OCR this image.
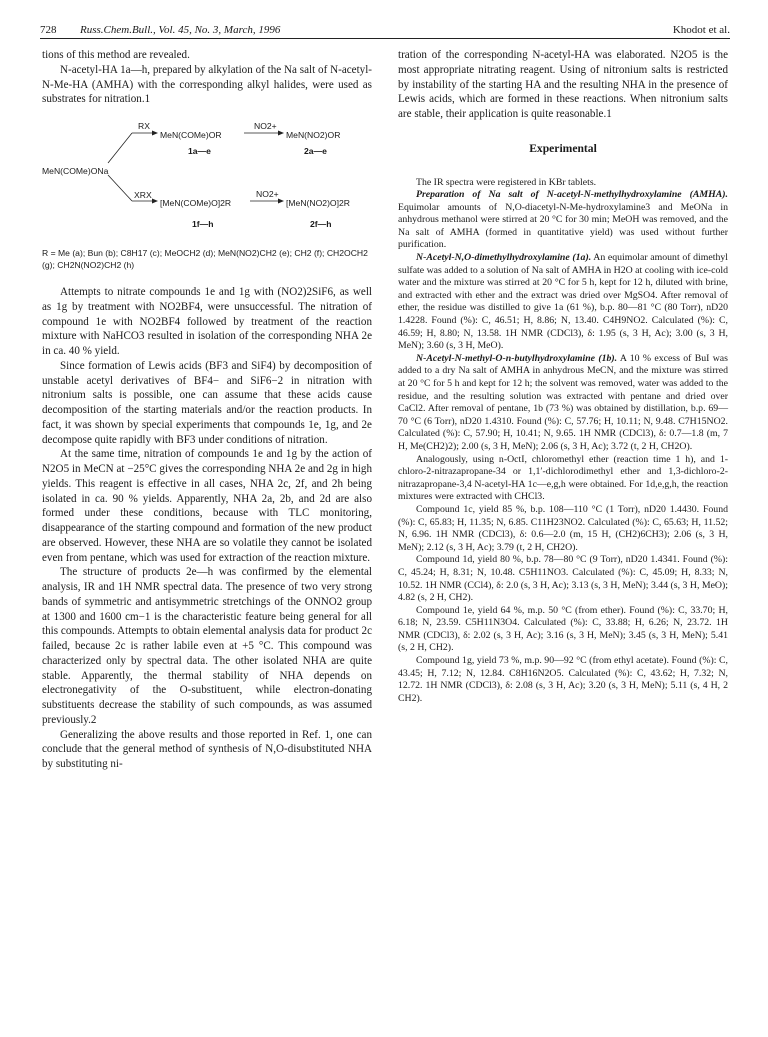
728	Russ.Chem.Bull., Vol. 45, No. 3, March, 1996	Khodot et al.

tions of this method are revealed.

N-acetyl-HA 1a—h, prepared by alkylation of the Na salt of N-acetyl-N-Me-HA (AMHA) with the corresponding alkyl halides, were used as substrates for nitration.1

RX
MeN(COMe)OR
NO2+
MeN(NO2)OR
1a—e	2a—e
MeN(COMe)ONa
XRX
[MeN(COMe)O]2R
NO2+
[MeN(NO2)O]2R
1f—h	2f—h
R = Me (a); Bun (b); C8H17 (c); MeOCH2 (d); MeN(NO2)CH2 (e); CH2 (f); CH2OCH2 (g); CH2N(NO2)CH2 (h)

Attempts to nitrate compounds 1e and 1g with (NO2)2SiF6, as well as 1g by treatment with NO2BF4, were unsuccessful. The nitration of compound 1e with NO2BF4 followed by treatment of the reaction mixture with NaHCO3 resulted in isolation of the corresponding NHA 2e in ca. 40 % yield.

Since formation of Lewis acids (BF3 and SiF4) by decomposition of unstable acetyl derivatives of BF4− and SiF6−2 in nitration with nitronium salts is possible, one can assume that these acids cause decomposition of the starting materials and/or the reaction products. In fact, it was shown by special experiments that compounds 1e, 1g, and 2e decompose quite rapidly with BF3 under conditions of nitration.

At the same time, nitration of compounds 1e and 1g by the action of N2O5 in MeCN at −25°C gives the corresponding NHA 2e and 2g in high yields. This reagent is effective in all cases, NHA 2c, 2f, and 2h being isolated in ca. 90 % yields. Apparently, NHA 2a, 2b, and 2d are also formed under these conditions, because with TLC monitoring, disappearance of the starting compound and formation of the new product are observed. However, these NHA are so volatile they cannot be isolated even from pentane, which was used for extraction of the reaction mixture.

The structure of products 2e—h was confirmed by the elemental analysis, IR and 1H NMR spectral data. The presence of two very strong bands of symmetric and antisymmetric stretchings of the ONNO2 group at 1300 and 1600 cm−1 is the characteristic feature being general for all this compounds. Attempts to obtain elemental analysis data for product 2c failed, because 2c is rather labile even at +5 °C. This compound was characterized only by spectral data. The other isolated NHA are quite stable. Apparently, the thermal stability of NHA depends on electronegativity of the O-substituent, while electron-donating substituents decrease the stability of such compounds, as was assumed previously.2

Generalizing the above results and those reported in Ref. 1, one can conclude that the general method of synthesis of N,O-disubstituted NHA by substituting ni-

tration of the corresponding N-acetyl-HA was elaborated. N2O5 is the most appropriate nitrating reagent. Using of nitronium salts is restricted by instability of the starting HA and the resulting NHA in the presence of Lewis acids, which are formed in these reactions. When nitronium salts are stable, their application is quite reasonable.1

Experimental

The IR spectra were registered in KBr tablets.

Preparation of Na salt of N-acetyl-N-methylhydroxylamine (AMHA). Equimolar amounts of N,O-diacetyl-N-Me-hydroxylamine3 and MeONa in anhydrous methanol were stirred at 20 °C for 30 min; MeOH was removed, and the Na salt of AMHA (formed in quantitative yield) was used without further purification.

N-Acetyl-N,O-dimethylhydroxylamine (1a). An equimolar amount of dimethyl sulfate was added to a solution of Na salt of AMHA in H2O at cooling with ice-cold water and the mixture was stirred at 20 °C for 5 h, kept for 12 h, diluted with brine, and extracted with ether and the extract was dried over MgSO4. After removal of ether, the residue was distilled to give 1a (61 %), b.p. 80—81 °C (80 Torr), nD20 1.4228. Found (%): C, 46.51; H, 8.86; N, 13.40. C4H9NO2. Calculated (%): C, 46.59; H, 8.80; N, 13.58. 1H NMR (CDCl3), δ: 1.95 (s, 3 H, Ac); 3.00 (s, 3 H, MeN); 3.60 (s, 3 H, MeO).

N-Acetyl-N-methyl-O-n-butylhydroxylamine (1b). A 10 % excess of BuI was added to a dry Na salt of AMHA in anhydrous MeCN, and the mixture was stirred at 20 °C for 5 h and kept for 12 h; the solvent was removed, water was added to the residue, and the resulting solution was extracted with pentane and dried over CaCl2. After removal of pentane, 1b (73 %) was obtained by distillation, b.p. 69—70 °C (6 Torr), nD20 1.4310. Found (%): C, 57.76; H, 10.11; N, 9.48. C7H15NO2. Calculated (%): C, 57.90; H, 10.41; N, 9.65. 1H NMR (CDCl3), δ: 0.7—1.8 (m, 7 H, Me(CH2)2); 2.00 (s, 3 H, MeN); 2.06 (s, 3 H, Ac); 3.72 (t, 2 H, CH2O).

Analogously, using n-OctI, chloromethyl ether (reaction time 1 h), and 1-chloro-2-nitrazapropane-34 or 1,1′-dichlorodimethyl ether and 1,3-dichloro-2-nitrazapropane-3,4 N-acetyl-HA 1c—e,g,h were obtained. For 1d,e,g,h, the reaction mixtures were extracted with CHCl3.

Compound 1c, yield 85 %, b.p. 108—110 °C (1 Torr), nD20 1.4430. Found (%): C, 65.83; H, 11.35; N, 6.85. C11H23NO2. Calculated (%): C, 65.63; H, 11.52; N, 6.96. 1H NMR (CDCl3), δ: 0.6—2.0 (m, 15 H, (CH2)6CH3); 2.06 (s, 3 H, MeN); 2.12 (s, 3 H, Ac); 3.79 (t, 2 H, CH2O).

Compound 1d, yield 80 %, b.p. 78—80 °C (9 Torr), nD20 1.4341. Found (%): C, 45.24; H, 8.31; N, 10.48. C5H11NO3. Calculated (%): C, 45.09; H, 8.33; N, 10.52. 1H NMR (CCl4), δ: 2.0 (s, 3 H, Ac); 3.13 (s, 3 H, MeN); 3.44 (s, 3 H, MeO); 4.82 (s, 2 H, CH2).

Compound 1e, yield 64 %, m.p. 50 °C (from ether). Found (%): C, 33.70; H, 6.18; N, 23.59. C5H11N3O4. Calculated (%): C, 33.88; H, 6.26; N, 23.72. 1H NMR (CDCl3), δ: 2.02 (s, 3 H, Ac); 3.16 (s, 3 H, MeN); 3.45 (s, 3 H, MeN); 5.41 (s, 2 H, CH2).

Compound 1g, yield 73 %, m.p. 90—92 °C (from ethyl acetate). Found (%): C, 43.45; H, 7.12; N, 12.84. C8H16N2O5. Calculated (%): C, 43.62; H, 7.32; N, 12.72. 1H NMR (CDCl3), δ: 2.08 (s, 3 H, Ac); 3.20 (s, 3 H, MeN); 5.11 (s, 4 H, 2 CH2).
